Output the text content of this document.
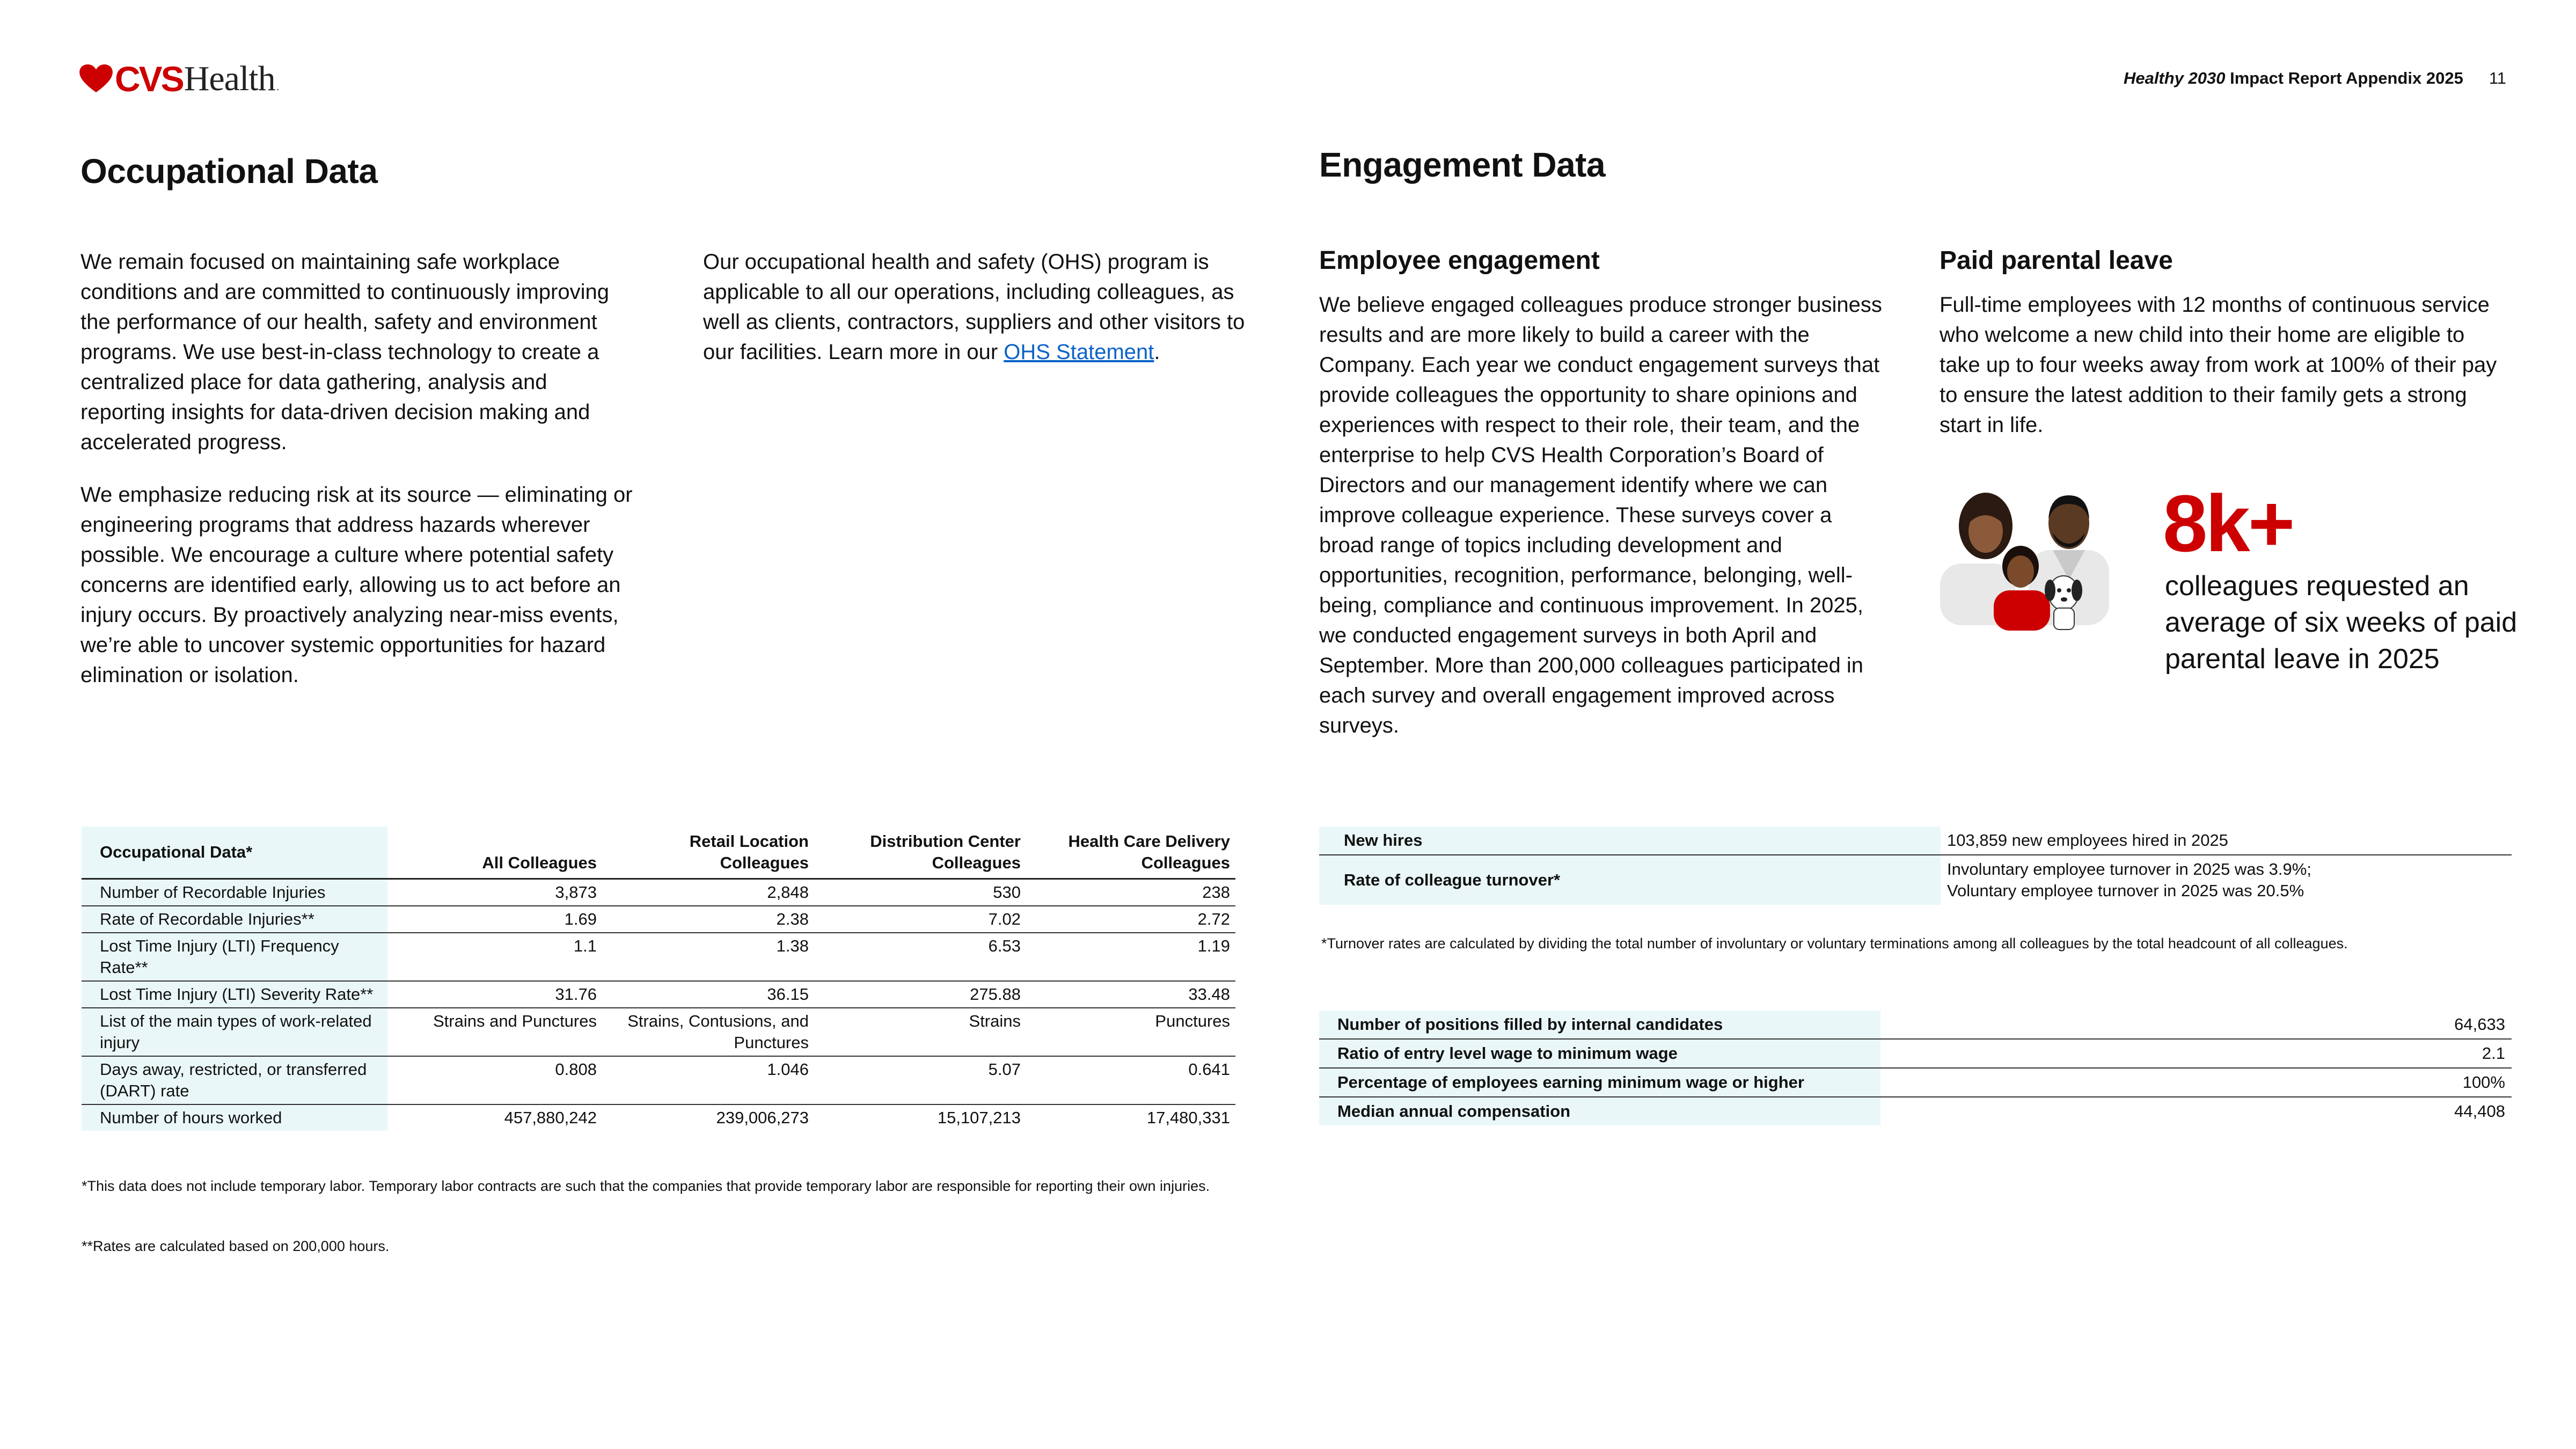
CVS Health .	Healthy 2030 Impact Report Appendix 2025 11
Occupational Data

We remain focused on maintaining safe workplace conditions and are committed to continuously improving the performance of our health, safety and environment programs. We use best-in-class technology to create a centralized place for data gathering, analysis and reporting insights for data-driven decision making and accelerated progress.

We emphasize reducing risk at its source — eliminating or engineering programs that address hazards wherever possible. We encourage a culture where potential safety concerns are identified early, allowing us to act before an injury occurs. By proactively analyzing near-miss events, we’re able to uncover systemic opportunities for hazard elimination or isolation.

Our occupational health and safety (OHS) program is applicable to all our operations, including colleagues, as well as clients, contractors, suppliers and other visitors to our facilities. Learn more in our OHS Statement.

Occupational Data*	All Colleagues	Retail Location Colleagues	Distribution Center Colleagues	Health Care Delivery Colleagues
Number of Recordable Injuries	3,873	2,848	530	238
Rate of Recordable Injuries**	1.69	2.38	7.02	2.72
Lost Time Injury (LTI) Frequency Rate**	1.1	1.38	6.53	1.19
Lost Time Injury (LTI) Severity Rate**	31.76	36.15	275.88	33.48
List of the main types of work-related injury	Strains and Punctures	Strains, Contusions, and Punctures	Strains	Punctures
Days away, restricted, or transferred (DART) rate	0.808	1.046	5.07	0.641
Number of hours worked	457,880,242	239,006,273	15,107,213	17,480,331
*This data does not include temporary labor. Temporary labor contracts are such that the companies that provide temporary labor are responsible for reporting their own injuries.
**Rates are calculated based on 200,000 hours.
Engagement Data
Employee engagement

We believe engaged colleagues produce stronger business results and are more likely to build a career with the Company. Each year we conduct engagement surveys that provide colleagues the opportunity to share opinions and experiences with respect to their role, their team, and the enterprise to help CVS Health Corporation’s Board of Directors and our management identify where we can improve colleague experience. These surveys cover a broad range of topics including development and opportunities, recognition, performance, belonging, well-being, compliance and continuous improvement. In 2025, we conducted engagement surveys in both April and September. More than 200,000 colleagues participated in each survey and overall engagement improved across surveys.

Paid parental leave

Full-time employees with 12 months of continuous service who welcome a new child into their home are eligible to take up to four weeks away from work at 100% of their pay to ensure the latest addition to their family gets a strong start in life.

8k+
colleagues requested an average of six weeks of paid parental leave in 2025
New hires	103,859 new employees hired in 2025
Rate of colleague turnover*	Involuntary employee turnover in 2025 was 3.9%;
Voluntary employee turnover in 2025 was 20.5%
*Turnover rates are calculated by dividing the total number of involuntary or voluntary terminations among all colleagues by the total headcount of all colleagues.
Number of positions filled by internal candidates	64,633
Ratio of entry level wage to minimum wage	2.1
Percentage of employees earning minimum wage or higher	100%
Median annual compensation	44,408
